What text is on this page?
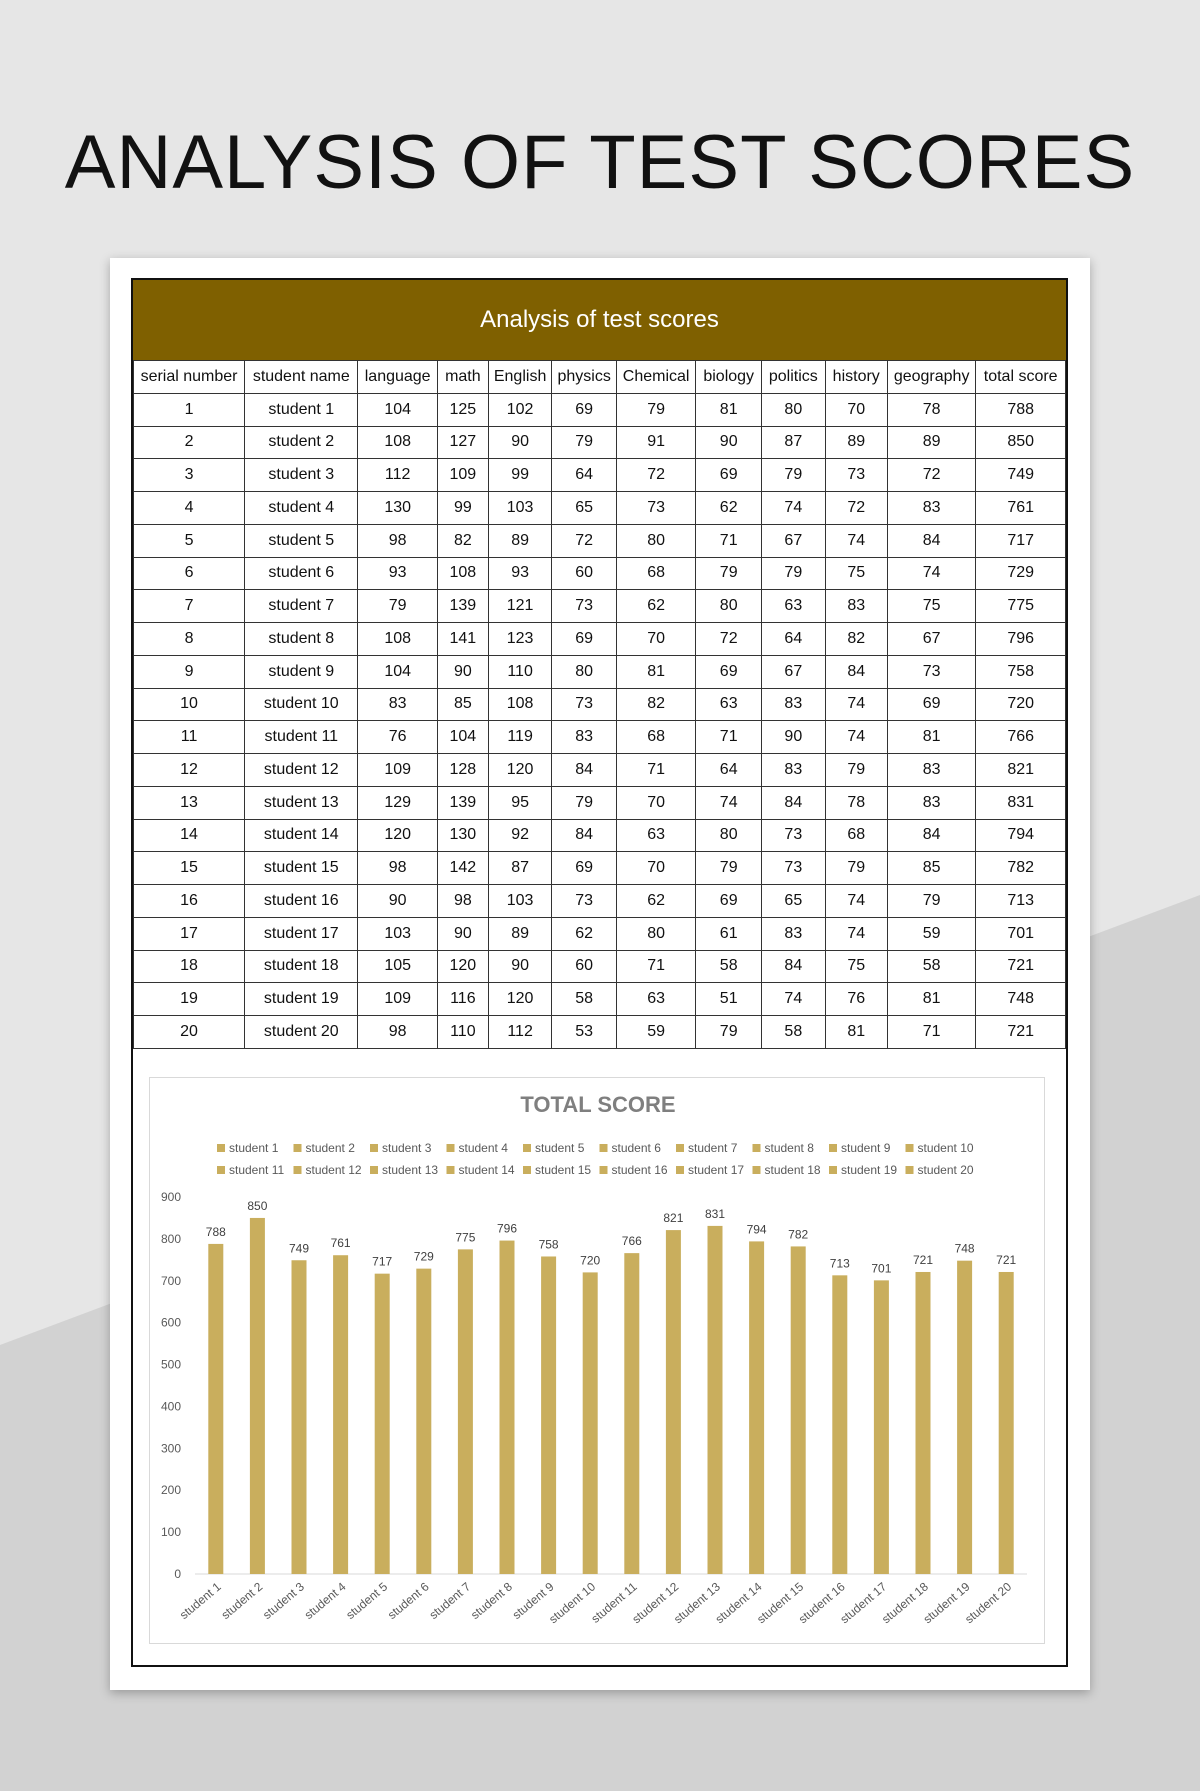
ANALYSIS OF TEST SCORES
Analysis of test scores
serial number	student name	language	math	English	physics	Chemical	biology	politics	history	geography	total score
1	student 1	104	125	102	69	79	81	80	70	78	788
2	student 2	108	127	90	79	91	90	87	89	89	850
3	student 3	112	109	99	64	72	69	79	73	72	749
4	student 4	130	99	103	65	73	62	74	72	83	761
5	student 5	98	82	89	72	80	71	67	74	84	717
6	student 6	93	108	93	60	68	79	79	75	74	729
7	student 7	79	139	121	73	62	80	63	83	75	775
8	student 8	108	141	123	69	70	72	64	82	67	796
9	student 9	104	90	110	80	81	69	67	84	73	758
10	student 10	83	85	108	73	82	63	83	74	69	720
11	student 11	76	104	119	83	68	71	90	74	81	766
12	student 12	109	128	120	84	71	64	83	79	83	821
13	student 13	129	139	95	79	70	74	84	78	83	831
14	student 14	120	130	92	84	63	80	73	68	84	794
15	student 15	98	142	87	69	70	79	73	79	85	782
16	student 16	90	98	103	73	62	69	65	74	79	713
17	student 17	103	90	89	62	80	61	83	74	59	701
18	student 18	105	120	90	60	71	58	84	75	58	721
19	student 19	109	116	120	58	63	51	74	76	81	748
20	student 20	98	110	112	53	59	79	58	81	71	721
TOTAL SCORE
student 1 student 2 student 3 student 4 student 5 student 6 student 7 student 8 student 9 student 10
student 11 student 12 student 13 student 14 student 15 student 16 student 17 student 18 student 19 student 20
0
100
200
300
400
500
600
700
800
900
788
student 1
850
student 2
749
student 3
761
student 4
717
student 5
729
student 6
775
student 7
796
student 8
758
student 9
720
student 10
766
student 11
821
student 12
831
student 13
794
student 14
782
student 15
713
student 16
701
student 17
721
student 18
748
student 19
721
student 20
